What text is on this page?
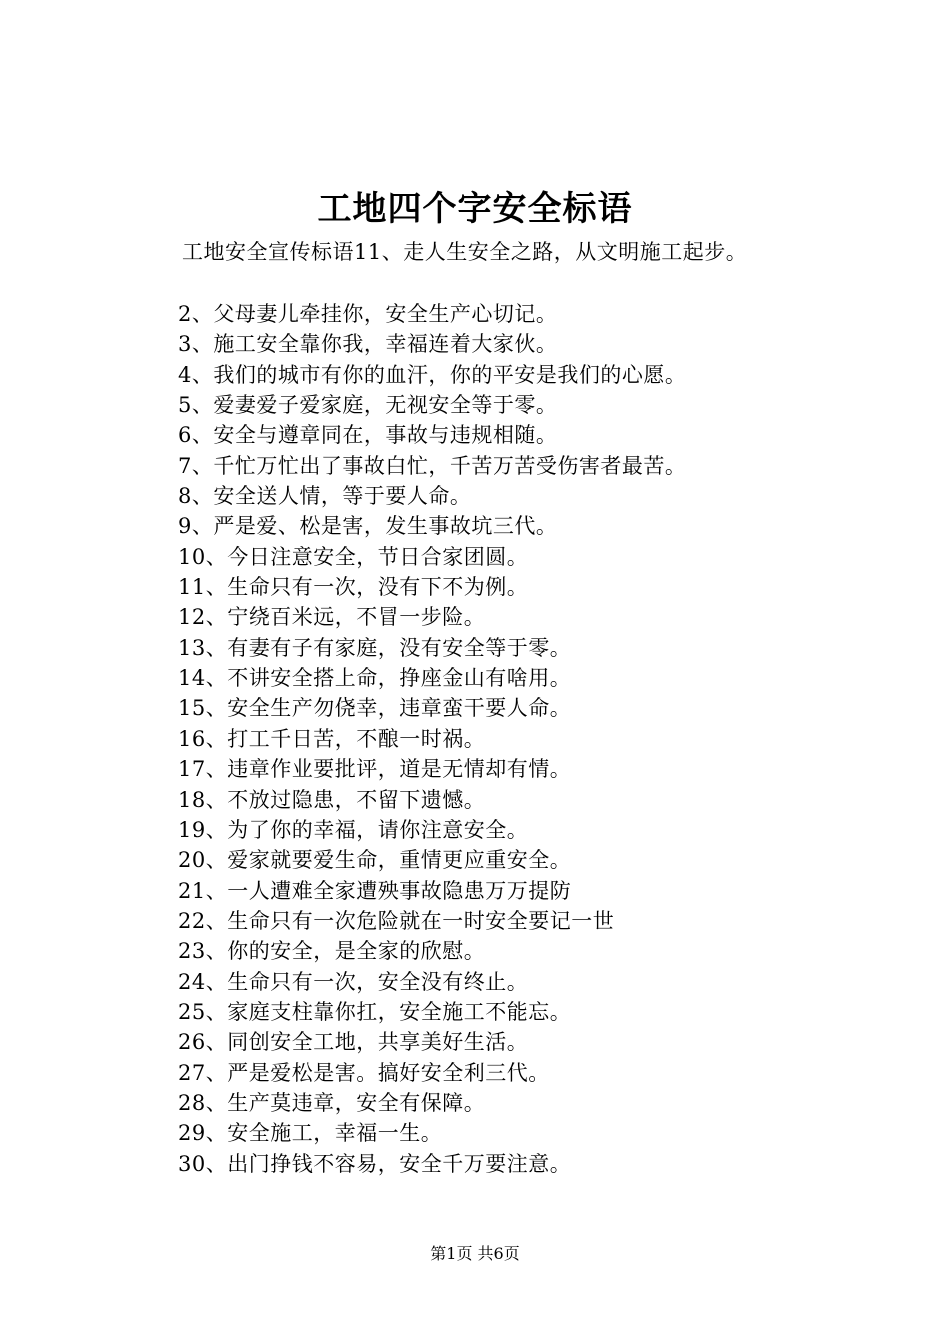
工地四个字安全标语
工地安全宣传标语11、走人生安全之路，从文明施工起步。
2、父母妻儿牵挂你，安全生产心切记。
3、施工安全靠你我，幸福连着大家伙。
4、我们的城市有你的血汗，你的平安是我们的心愿。
5、爱妻爱子爱家庭，无视安全等于零。
6、安全与遵章同在，事故与违规相随。
7、千忙万忙出了事故白忙，千苦万苦受伤害者最苦。
8、安全送人情，等于要人命。
9、严是爱、松是害，发生事故坑三代。
10、今日注意安全，节日合家团圆。
11、生命只有一次，没有下不为例。
12、宁绕百米远，不冒一步险。
13、有妻有子有家庭，没有安全等于零。
14、不讲安全搭上命，挣座金山有啥用。
15、安全生产勿侥幸，违章蛮干要人命。
16、打工千日苦，不酿一时祸。
17、违章作业要批评，道是无情却有情。
18、不放过隐患，不留下遗憾。
19、为了你的幸福，请你注意安全。
20、爱家就要爱生命，重情更应重安全。
21、一人遭难全家遭殃事故隐患万万提防
22、生命只有一次危险就在一时安全要记一世
23、你的安全，是全家的欣慰。
24、生命只有一次，安全没有终止。
25、家庭支柱靠你扛，安全施工不能忘。
26、同创安全工地，共享美好生活。
27、严是爱松是害。搞好安全利三代。
28、生产莫违章，安全有保障。
29、安全施工，幸福一生。
30、出门挣钱不容易，安全千万要注意。
第1页 共6页
